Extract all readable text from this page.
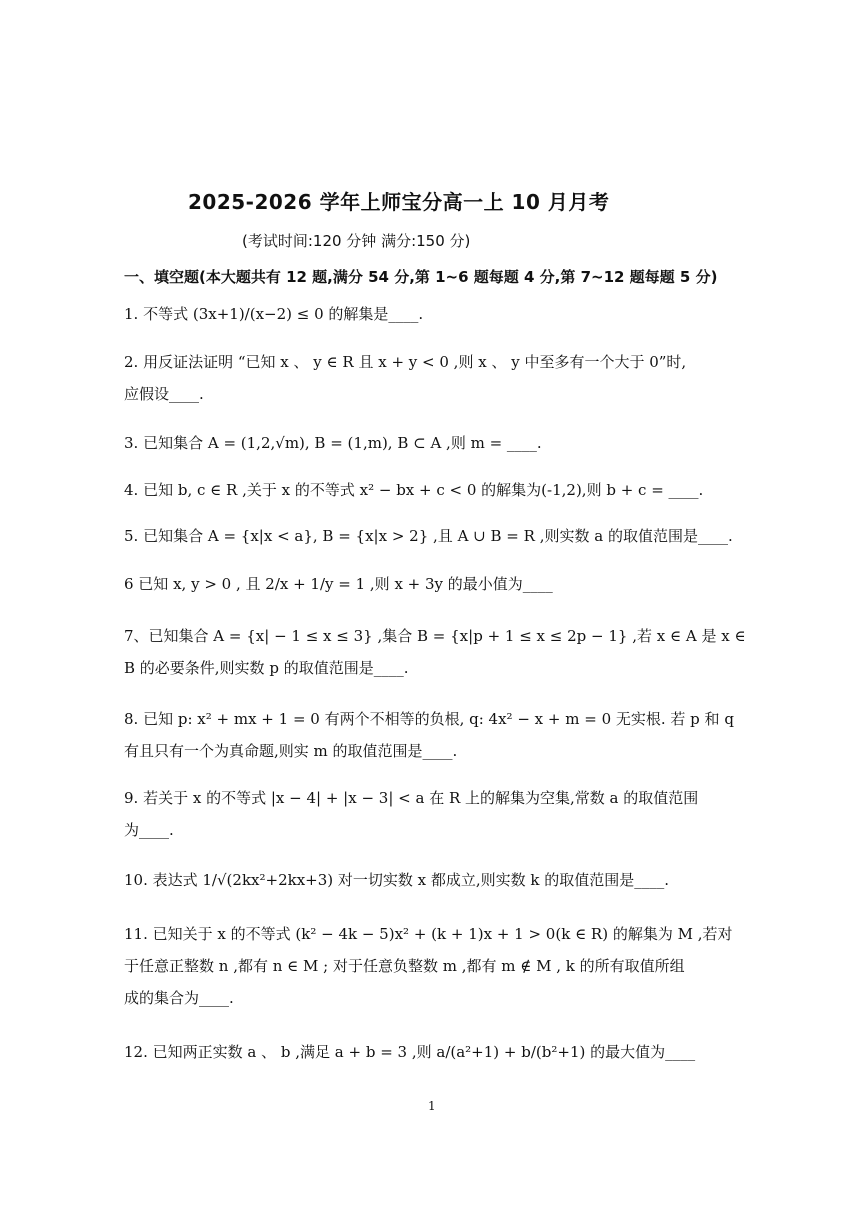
2025-2026 学年上师宝分高一上 10 月月考
(考试时间:120 分钟 满分:150 分)
一、填空题(本大题共有 12 题,满分 54 分,第 1~6 题每题 4 分,第 7~12 题每题 5 分)
1. 不等式 (3x+1)/(x−2) ≤ 0 的解集是____.
2. 用反证法证明 “已知 x 、 y ∈ R 且 x + y < 0 ,则 x 、 y 中至多有一个大于 0”时,
应假设____.
3. 已知集合 A = (1,2,√m), B = (1,m), B ⊂ A ,则 m = ____.
4. 已知 b, c ∈ R ,关于 x 的不等式 x² − bx + c < 0 的解集为(-1,2),则 b + c = ____.
5. 已知集合 A = {x|x < a}, B = {x|x > 2} ,且 A ∪ B = R ,则实数 a 的取值范围是____.
6 已知 x, y > 0 , 且 2/x + 1/y = 1 ,则 x + 3y 的最小值为____
7、已知集合 A = {x| − 1 ≤ x ≤ 3} ,集合 B = {x|p + 1 ≤ x ≤ 2p − 1} ,若 x ∈ A 是 x ∈
B 的必要条件,则实数 p 的取值范围是____.
8. 已知 p: x² + mx + 1 = 0 有两个不相等的负根, q: 4x² − x + m = 0 无实根. 若 p 和 q
有且只有一个为真命题,则实 m 的取值范围是____.
9. 若关于 x 的不等式 |x − 4| + |x − 3| < a 在 R 上的解集为空集,常数 a 的取值范围
为____.
10. 表达式 1/√(2kx²+2kx+3) 对一切实数 x 都成立,则实数 k 的取值范围是____.
11. 已知关于 x 的不等式 (k² − 4k − 5)x² + (k + 1)x + 1 > 0(k ∈ R) 的解集为 M ,若对
于任意正整数 n ,都有 n ∈ M ; 对于任意负整数 m ,都有 m ∉ M , k 的所有取值所组
成的集合为____.
12. 已知两正实数 a 、 b ,满足 a + b = 3 ,则 a/(a²+1) + b/(b²+1) 的最大值为____
1
